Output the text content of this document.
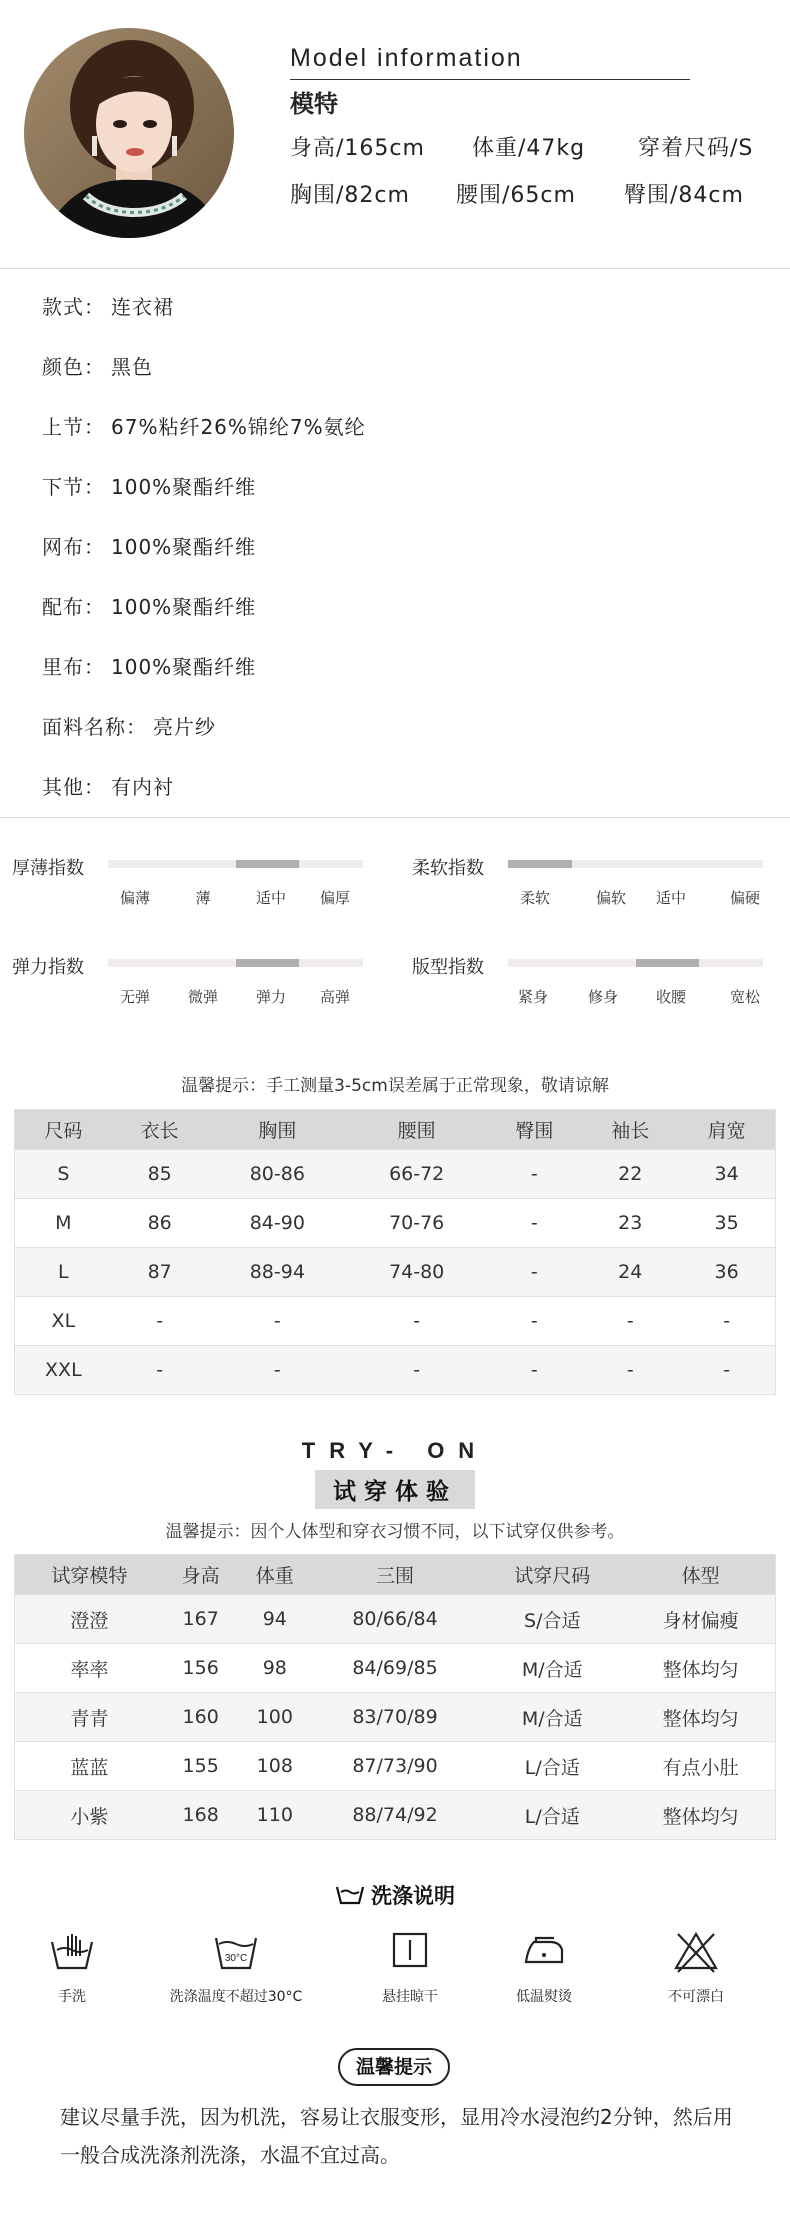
Model information
模特
身高/165cm 体重/47kg 穿着尺码/S
胸围/82cm 腰围/65cm 臀围/84cm
款式： 连衣裙
颜色： 黑色
上节： 67%粘纤26%锦纶7%氨纶
下节： 100%聚酯纤维
网布： 100%聚酯纤维
配布： 100%聚酯纤维
里布： 100%聚酯纤维
面料名称： 亮片纱
其他： 有内衬
厚薄指数
偏薄	薄	适中	偏厚
柔软指数
柔软	偏软	适中	偏硬
弹力指数
无弹	微弹	弹力	高弹
版型指数
紧身	修身	收腰	宽松
温馨提示：手工测量3-5cm误差属于正常现象，敬请谅解
尺码	衣长	胸围	腰围	臀围	袖长	肩宽
S	85	80-86	66-72	-	22	34
M	86	84-90	70-76	-	23	35
L	87	88-94	74-80	-	24	36
XL	-	-	-	-	-	-
XXL	-	-	-	-	-	-
TRY- ON
试穿体验
温馨提示：因个人体型和穿衣习惯不同，以下试穿仅供参考。
试穿模特	身高	体重	三围	试穿尺码	体型
澄澄	167	94	80/66/84	S/合适	身材偏瘦
率率	156	98	84/69/85	M/合适	整体均匀
青青	160	100	83/70/89	M/合适	整体均匀
蓝蓝	155	108	87/73/90	L/合适	有点小肚
小紫	168	110	88/74/92	L/合适	整体均匀
洗涤说明
手洗
30°C
洗涤温度不超过30°C	悬挂晾干	低温熨烫	不可漂白
温馨提示
建议尽量手洗，因为机洗，容易让衣服变形，显用冷水浸泡约2分钟，然后用一般合成洗涤剂洗涤，水温不宜过高。
